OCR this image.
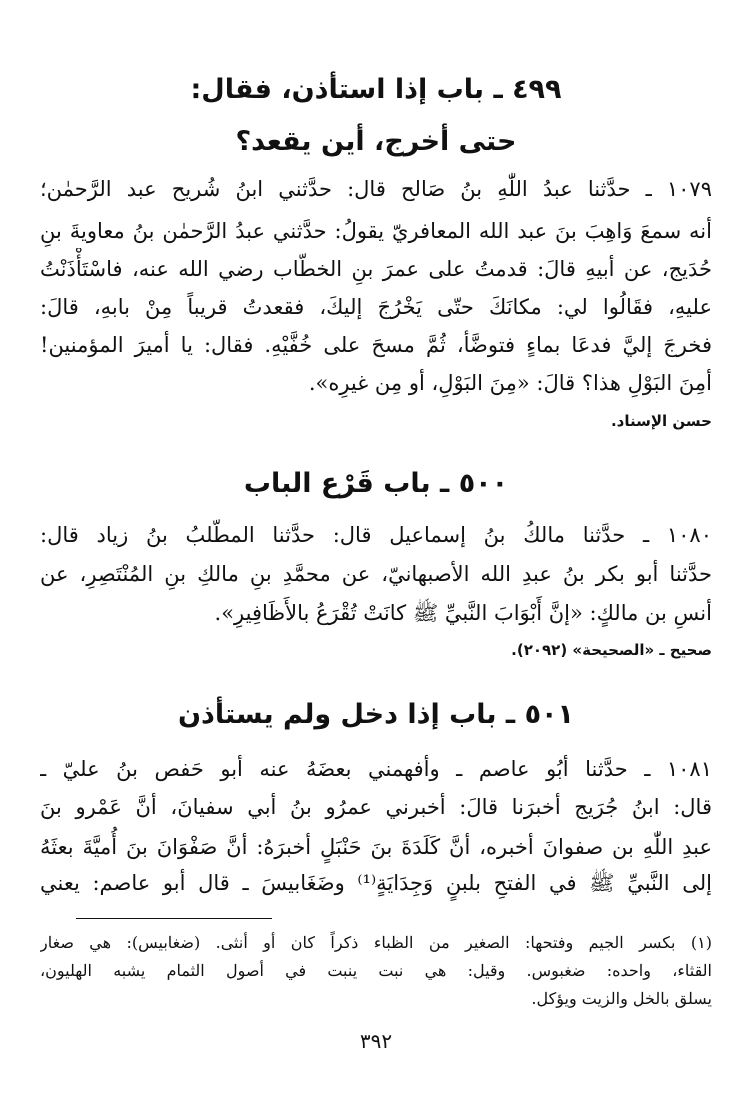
٤٩٩ ـ باب إذا استأذن، فقال:
حتى أخرج، أين يقعد؟
١٠٧٩ ـ حدَّثنا عبدُ اللّٰهِ بنُ صَالح قال: حدَّثني ابنُ شُريح عبد الرَّحمٰن؛
أنه سمعَ وَاهِبَ بنَ عبد الله المعافريّ يقولُ: حدَّثني عبدُ الرَّحمٰن بنُ معاويةَ بنِ
حُدَيج، عن أبيهِ قالَ: قدمتُ على عمرَ بنِ الخطّاب رضي الله عنه، فاسْتَأْذَنْتُ
عليهِ، فقَالُوا لي: مكانَكَ حتّى يَخْرُجَ إليكَ، فقعدتُ قريباً مِنْ بابهِ، قالَ:
فخرجَ إليَّ فدعَا بماءٍ فتوضَّأ، ثُمَّ مسحَ على خُفَّيْهِ. فقال: يا أميرَ المؤمنين!
أمِنَ البَوْلِ هذا؟ قالَ: «مِنَ البَوْلِ، أو مِن غيرِه».
حسن الإسناد.
٥٠٠ ـ باب قَرْع الباب
١٠٨٠ ـ حدَّثنا مالكُ بنُ إسماعيل قال: حدَّثنا المطّلبُ بنُ زياد قال:
حدَّثنا أبو بكر بنُ عبدِ الله الأصبهانيّ، عن محمَّدِ بنِ مالكِ بنِ المُنْتَصِرِ، عن
أنسِ بن مالكٍ: «إنَّ أَبْوَابَ النَّبيِّ ﷺ كانَتْ تُقْرَعُ بالأَظَافِيرِ».
صحيح ـ «الصحيحة» (٢٠٩٢).
٥٠١ ـ باب إذا دخل ولم يستأذن
١٠٨١ ـ حدَّثنا أبُو عاصم ـ وأفهمني بعضَهُ عنه أبو حَفص بنُ عليّ ـ
قال: ابنُ جُرَيج أخبرَنا قالَ: أخبرني عمرُو بنُ أبي سفيانَ، أنَّ عَمْرو بنَ
عبدِ اللّٰهِ بن صفوانَ أخبره، أنَّ كَلَدَةَ بنَ حَنْبَلٍ أخبرَهُ: أنَّ صَفْوَانَ بنَ أُميَّةَ بعثَهُ
إلى النَّبيِّ ﷺ في الفتحِ بلبنٍ وَجِدَايَةٍ⁽¹⁾ وضَغَابيسَ ـ قال أبو عاصم: يعني
(١) بكسر الجيم وفتحها: الصغير من الظباء ذكراً كان أو أنثى. (ضغابيس): هي صغار
القثاء، واحده: ضغبوس. وقيل: هي نبت ينبت في أصول الثمام يشبه الهليون،
يسلق بالخل والزيت ويؤكل.
٣٩٢
